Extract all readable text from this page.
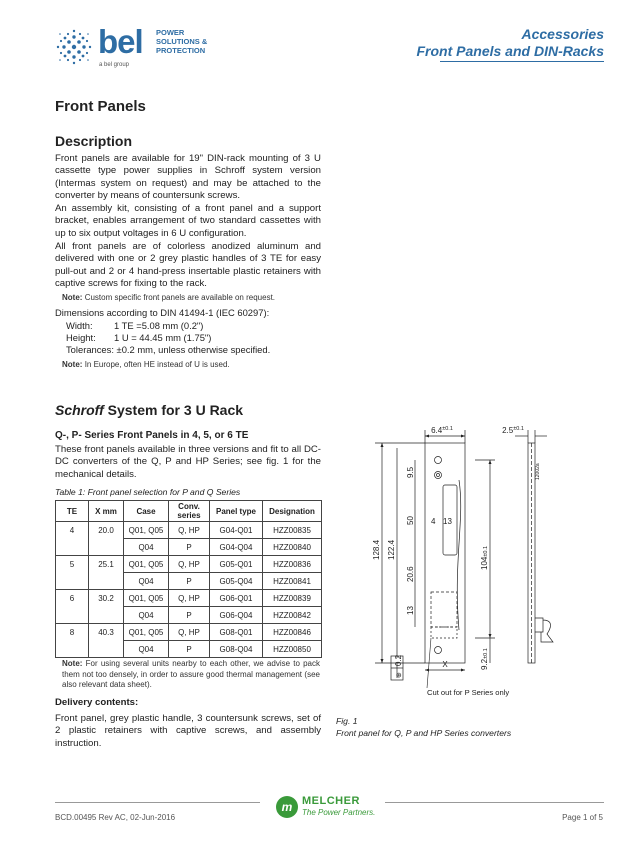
bel POWER
SOLUTIONS &
PROTECTION
a bel group
Accessories
Front Panels and DIN-Racks
Front Panels
Description

Front panels are available for 19" DIN-rack mounting of 3 U cassette type power supplies in Schroff system version (Intermas system on request) and may be attached to the converter by means of countersunk screws.

An assembly kit, consisting of a front panel and a support bracket, enables arrangement of two standard cassettes with up to six output voltages in 6 U configuration.

All front panels are of colorless anodized aluminum and delivered with one or 2 grey plastic handles of 3 TE for easy pull-out and 2 or 4 hand-press insertable plastic retainers with captive screws for fixing to the rack.

Note: Custom specific front panels are available on request.
Dimensions according to DIN 41494-1 (IEC 60297):
Width: 1 TE =5.08 mm (0.2")
Height: 1 U = 44.45 mm (1.75")
Tolerances: ±0.2 mm, unless otherwise specified.
Note: In Europe, often HE instead of U is used.
Schroff System for 3 U Rack
Q-, P- Series Front Panels in 4, 5, or 6 TE

These front panels available in three versions and fit to all DC-DC converters of the Q, P and HP Series; see fig. 1 for the mechanical details.

Table 1: Front panel selection for P and Q Series
TE	X mm	Case	Conv. series	Panel type	Designation
4	20.0	Q01, Q05	Q, HP	G04-Q01	HZZ00835
		Q04	P	G04-Q04	HZZ00840
5	25.1	Q01, Q05	Q, HP	G05-Q01	HZZ00836
		Q04	P	G05-Q04	HZZ00841
6	30.2	Q01, Q05	Q, HP	G06-Q01	HZZ00839
		Q04	P	G06-Q04	HZZ00842
8	40.3	Q01, Q05	Q, HP	G08-Q01	HZZ00846
		Q04	P	G08-Q04	HZZ00850
Note: For using several units nearby to each other, we advise to pack them not too densely, in order to assure good thermal management (see also relevant data sheet).
Delivery contents:

Front panel, grey plastic handle, 3 countersunk screws, set of 2 plastic retainers with captive screws, and assembly instruction.

$6.4^{\pm 0.1}$	$2.5^{\pm 0.1}$
9.5
50 4 13
128.4 122.4
20.6
13
104±0.1
X	9.2±0.1
0.2
⊕
12002a
Cut out for P Series only
Fig. 1
Front panel for Q, P and HP Series converters
BCD.00495 Rev AC, 02-Jun-2016
m MELCHER
The Power Partners.
Page 1 of 5
